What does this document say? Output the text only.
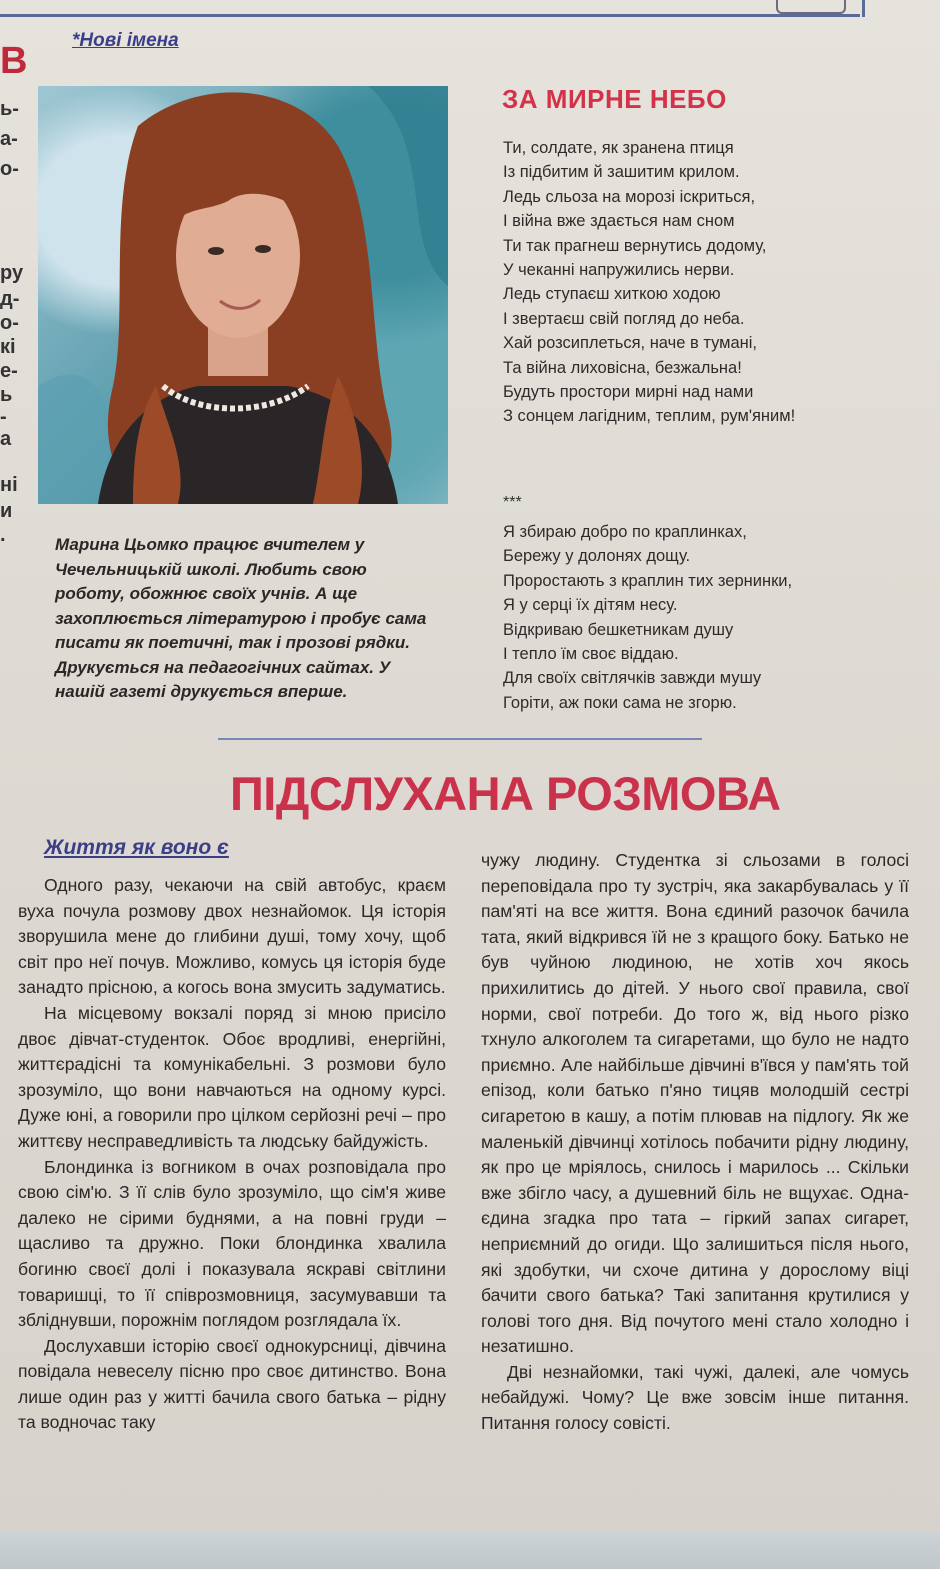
В
ь-
а-
о-
ру
д-
о-
кі
е-
ь
-
а
ні
и
.
*Нові імена

Марина Цьомко працює вчителем у Чечельницькій школі. Любить свою роботу, обожнює своїх учнів. А ще захоплюється літературою і пробує сама писати як поетичні, так і прозові рядки. Друкується на педагогічних сайтах. У нашій газеті друкується вперше.

ЗА МИРНЕ НЕБО
Ти, солдате, як зранена птиця
Із підбитим й зашитим крилом.
Ледь сльоза на морозі іскриться,
І війна вже здається нам сном
Ти так прагнеш вернутись додому,
У чеканні напружились нерви.
Ледь ступаєш хиткою ходою
І звертаєш свій погляд до неба.
Хай розсиплеться, наче в тумані,
Та війна лиховісна, безжальна!
Будуть простори мирні над нами
З сонцем лагідним, теплим, рум'яним!
***
Я збираю добро по краплинках,
Бережу у долонях дощу.
Проростають з краплин тих зернинки,
Я у серці їх дітям несу.
Відкриваю бешкетникам душу
І тепло їм своє віддаю.
Для своїх світлячків завжди мушу
Горіти, аж поки сама не згорю.
ПІДСЛУХАНА РОЗМОВА
Життя як воно є

Одного разу, чекаючи на свій автобус, краєм вуха почула розмову двох незнайомок. Ця історія зворушила мене до глибини душі, тому хочу, щоб світ про неї почув. Можливо, комусь ця історія буде занадто прісною, а когось вона змусить задуматись.

На місцевому вокзалі поряд зі мною присіло двоє дівчат-студенток. Обоє вродливі, енергійні, життєрадісні та комунікабельні. З розмови було зрозуміло, що вони навчаються на одному курсі. Дуже юні, а говорили про цілком серйозні речі – про життєву несправедливість та людську байдужість.

Блондинка із вогником в очах розповідала про свою сім'ю. З її слів було зрозуміло, що сім'я живе далеко не сірими буднями, а на повні груди – щасливо та дружно. Поки блондинка хвалила богиню своєї долі і показувала яскраві світлини товаришці, то її співрозмовниця, засумувавши та збліднувши, порожнім поглядом розглядала їх.

Дослухавши історію своєї однокурсниці, дівчина повідала невеселу пісню про своє дитинство. Вона лише один раз у житті бачила свого батька – рідну та водночас таку

чужу людину. Студентка зі сльозами в голосі переповідала про ту зустріч, яка закарбувалась у її пам'яті на все життя. Вона єдиний разочок бачила тата, який відкрився їй не з кращого боку. Батько не був чуйною людиною, не хотів хоч якось прихилитись до дітей. У нього свої правила, свої норми, свої потреби. До того ж, від нього різко тхнуло алкоголем та сигаретами, що було не надто приємно. Але найбільше дівчині в'ївся у пам'ять той епізод, коли батько п'яно тицяв молодшій сестрі сигаретою в кашу, а потім плював на підлогу. Як же маленькій дівчинці хотілось побачити рідну людину, як про це мріялось, снилось і марилось ... Скільки вже збігло часу, а душевний біль не вщухає. Одна-єдина згадка про тата – гіркий запах сигарет, неприємний до огиди. Що залишиться після нього, які здобутки, чи схоче дитина у дорослому віці бачити свого батька? Такі запитання крутилися у голові того дня. Від почутого мені стало холодно і незатишно.

Дві незнайомки, такі чужі, далекі, але чомусь небайдужі. Чому? Це вже зовсім інше питання. Питання голосу совісті.
